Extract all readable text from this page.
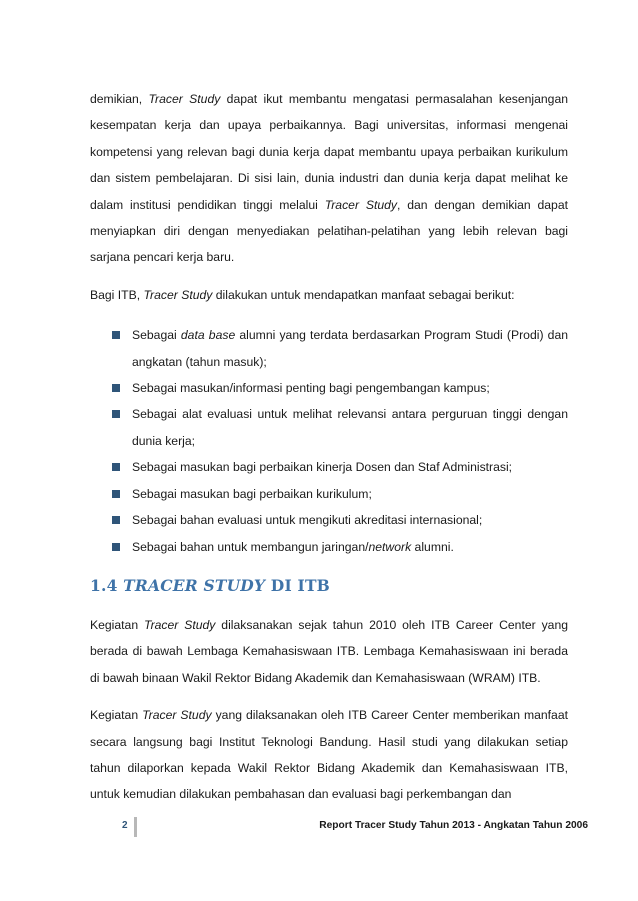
demikian, Tracer Study dapat ikut membantu mengatasi permasalahan kesenjangan kesempatan kerja dan upaya perbaikannya. Bagi universitas, informasi mengenai kompetensi yang relevan bagi dunia kerja dapat membantu upaya perbaikan kurikulum dan sistem pembelajaran. Di sisi lain, dunia industri dan dunia kerja dapat melihat ke dalam institusi pendidikan tinggi melalui Tracer Study, dan dengan demikian dapat menyiapkan diri dengan menyediakan pelatihan-pelatihan yang lebih relevan bagi sarjana pencari kerja baru.

Bagi ITB, Tracer Study dilakukan untuk mendapatkan manfaat sebagai berikut:

Sebagai data base alumni yang terdata berdasarkan Program Studi (Prodi) dan angkatan (tahun masuk);
Sebagai masukan/informasi penting bagi pengembangan kampus;
Sebagai alat evaluasi untuk melihat relevansi antara perguruan tinggi dengan dunia kerja;
Sebagai masukan bagi perbaikan kinerja Dosen dan Staf Administrasi;
Sebagai masukan bagi perbaikan kurikulum;
Sebagai bahan evaluasi untuk mengikuti akreditasi internasional;
Sebagai bahan untuk membangun jaringan/network alumni.
1.4 TRACER STUDY DI ITB

Kegiatan Tracer Study dilaksanakan sejak tahun 2010 oleh ITB Career Center yang berada di bawah Lembaga Kemahasiswaan ITB. Lembaga Kemahasiswaan ini berada di bawah binaan Wakil Rektor Bidang Akademik dan Kemahasiswaan (WRAM) ITB.

Kegiatan Tracer Study yang dilaksanakan oleh ITB Career Center memberikan manfaat secara langsung bagi Institut Teknologi Bandung. Hasil studi yang dilakukan setiap tahun dilaporkan kepada Wakil Rektor Bidang Akademik dan Kemahasiswaan ITB, untuk kemudian dilakukan pembahasan dan evaluasi bagi perkembangan dan

2	Report Tracer Study Tahun 2013 - Angkatan Tahun 2006
